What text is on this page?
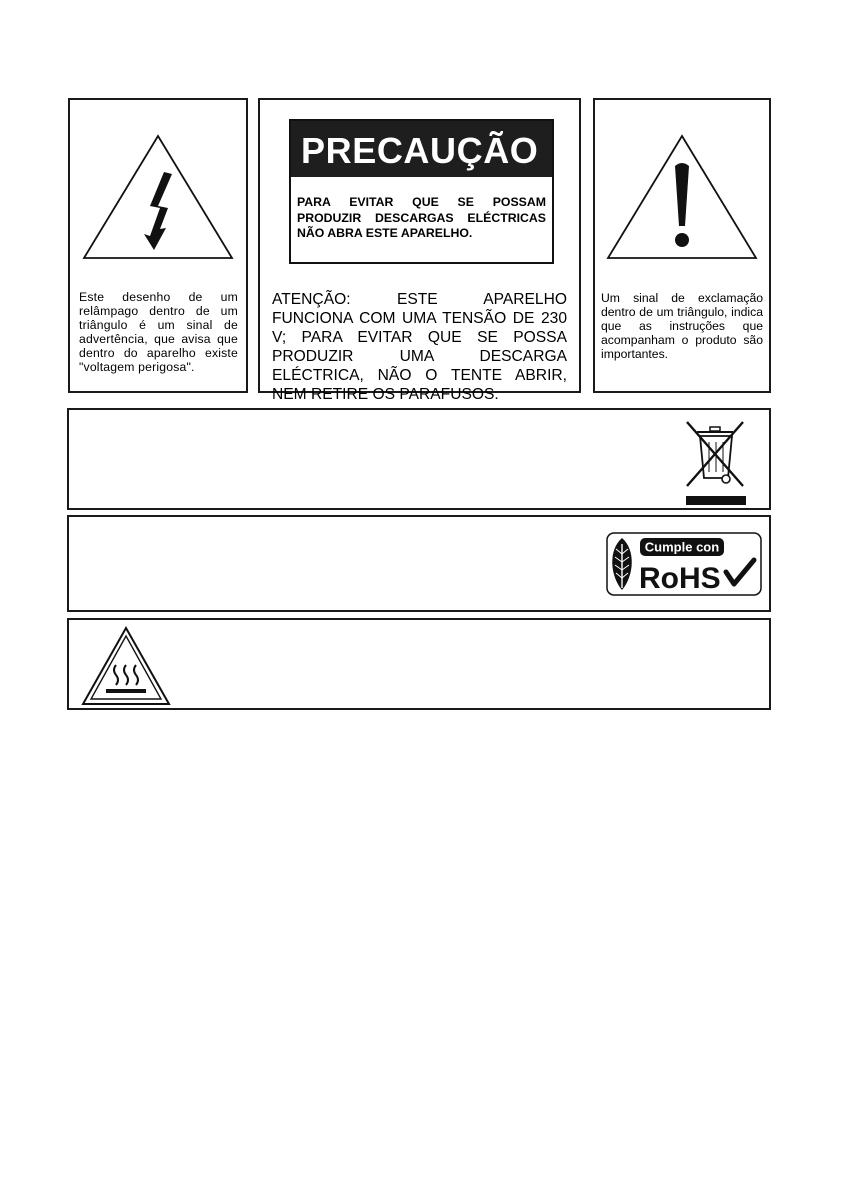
Este desenho de um relâmpago dentro de um triângulo é um sinal de advertência, que avisa que dentro do aparelho existe "voltagem perigosa".
PRECAUÇÃO
PARA EVITAR QUE SE POSSAM PRODUZIR DESCARGAS ELÉCTRICAS NÃO ABRA ESTE APARELHO.
ATENÇÃO: ESTE APARELHO FUNCIONA COM UMA TENSÃO DE 230 V; PARA EVITAR QUE SE POSSA PRODUZIR UMA DESCARGA ELÉCTRICA, NÃO O TENTE ABRIR, NEM RETIRE OS PARAFUSOS.
Um sinal de exclamação dentro de um triângulo, indica que as instruções que acompanham o produto são importantes.
Cumple con
RoHS
